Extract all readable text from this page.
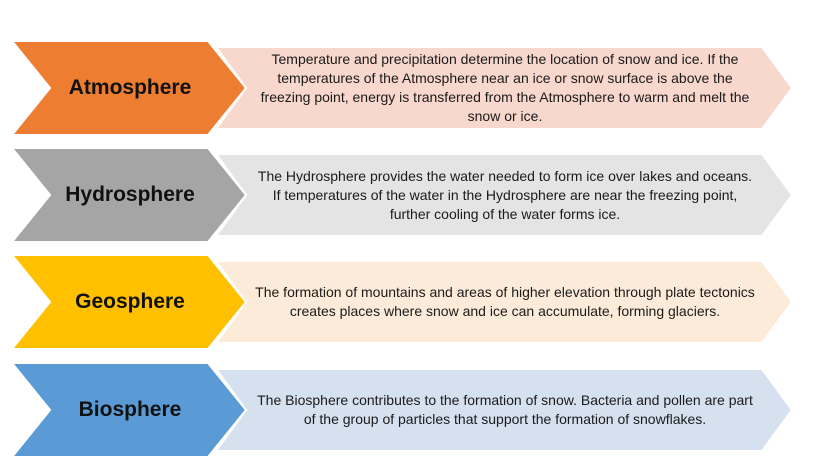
Atmosphere
Temperature and precipitation determine the location of snow and ice. If the temperatures of the Atmosphere near an ice or snow surface is above the freezing point, energy is transferred from the Atmosphere to warm and melt the snow or ice.
Hydrosphere
The Hydrosphere provides the water needed to form ice over lakes and oceans. If temperatures of the water in the Hydrosphere are near the freezing point, further cooling of the water forms ice.
Geosphere	The formation of mountains and areas of higher elevation through plate tectonics creates places where snow and ice can accumulate, forming glaciers.
Biosphere	The Biosphere contributes to the formation of snow. Bacteria and pollen are part of the group of particles that support the formation of snowflakes.
